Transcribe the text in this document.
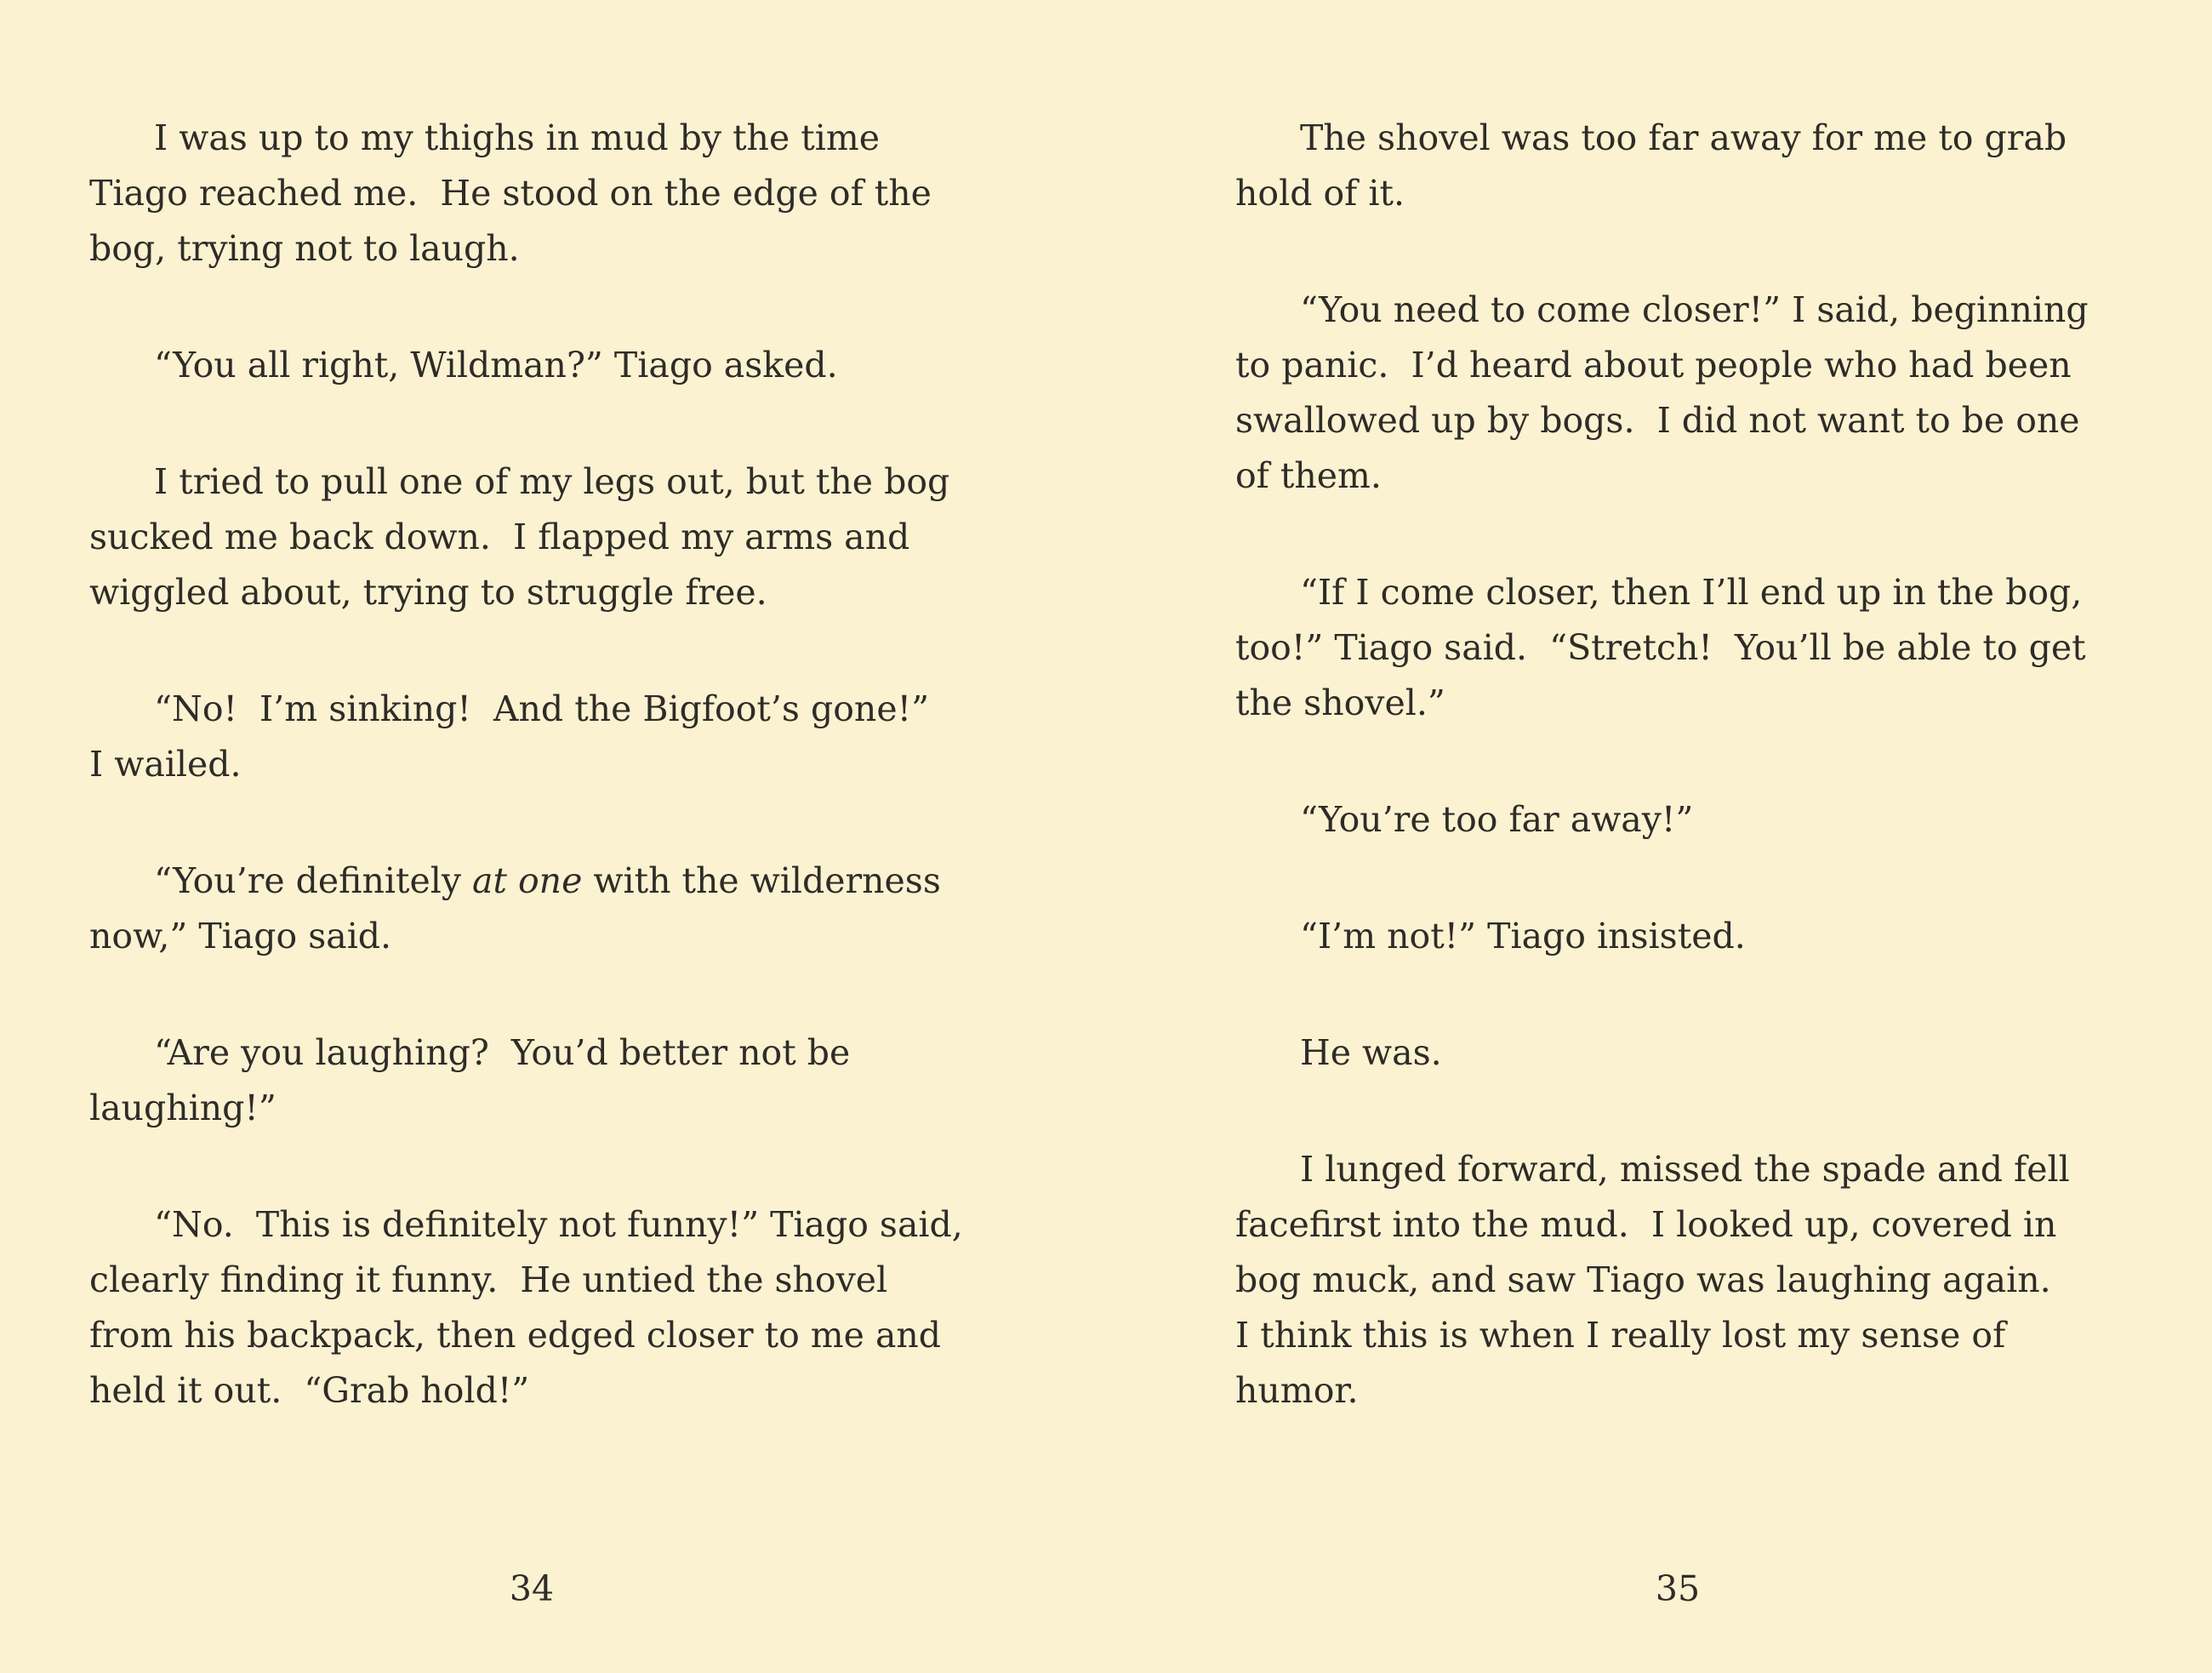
I was up to my thighs in mud by the time
Tiago reached me.  He stood on the edge of the
bog, trying not to laugh.
“You all right, Wildman?” Tiago asked.
I tried to pull one of my legs out, but the bog
sucked me back down.  I flapped my arms and
wiggled about, trying to struggle free.
“No!  I’m sinking!  And the Bigfoot’s gone!”
I wailed.
“You’re definitely at one with the wilderness
now,” Tiago said.
“Are you laughing?  You’d better not be
laughing!”
“No.  This is definitely not funny!” Tiago said,
clearly finding it funny.  He untied the shovel
from his backpack, then edged closer to me and
held it out.  “Grab hold!”
The shovel was too far away for me to grab
hold of it.
“You need to come closer!” I said, beginning
to panic.  I’d heard about people who had been
swallowed up by bogs.  I did not want to be one
of them.
“If I come closer, then I’ll end up in the bog,
too!” Tiago said.  “Stretch!  You’ll be able to get
the shovel.”
“You’re too far away!”
“I’m not!” Tiago insisted.
He was.
I lunged forward, missed the spade and fell
facefirst into the mud.  I looked up, covered in
bog muck, and saw Tiago was laughing again.
I think this is when I really lost my sense of
humor.
34	35
